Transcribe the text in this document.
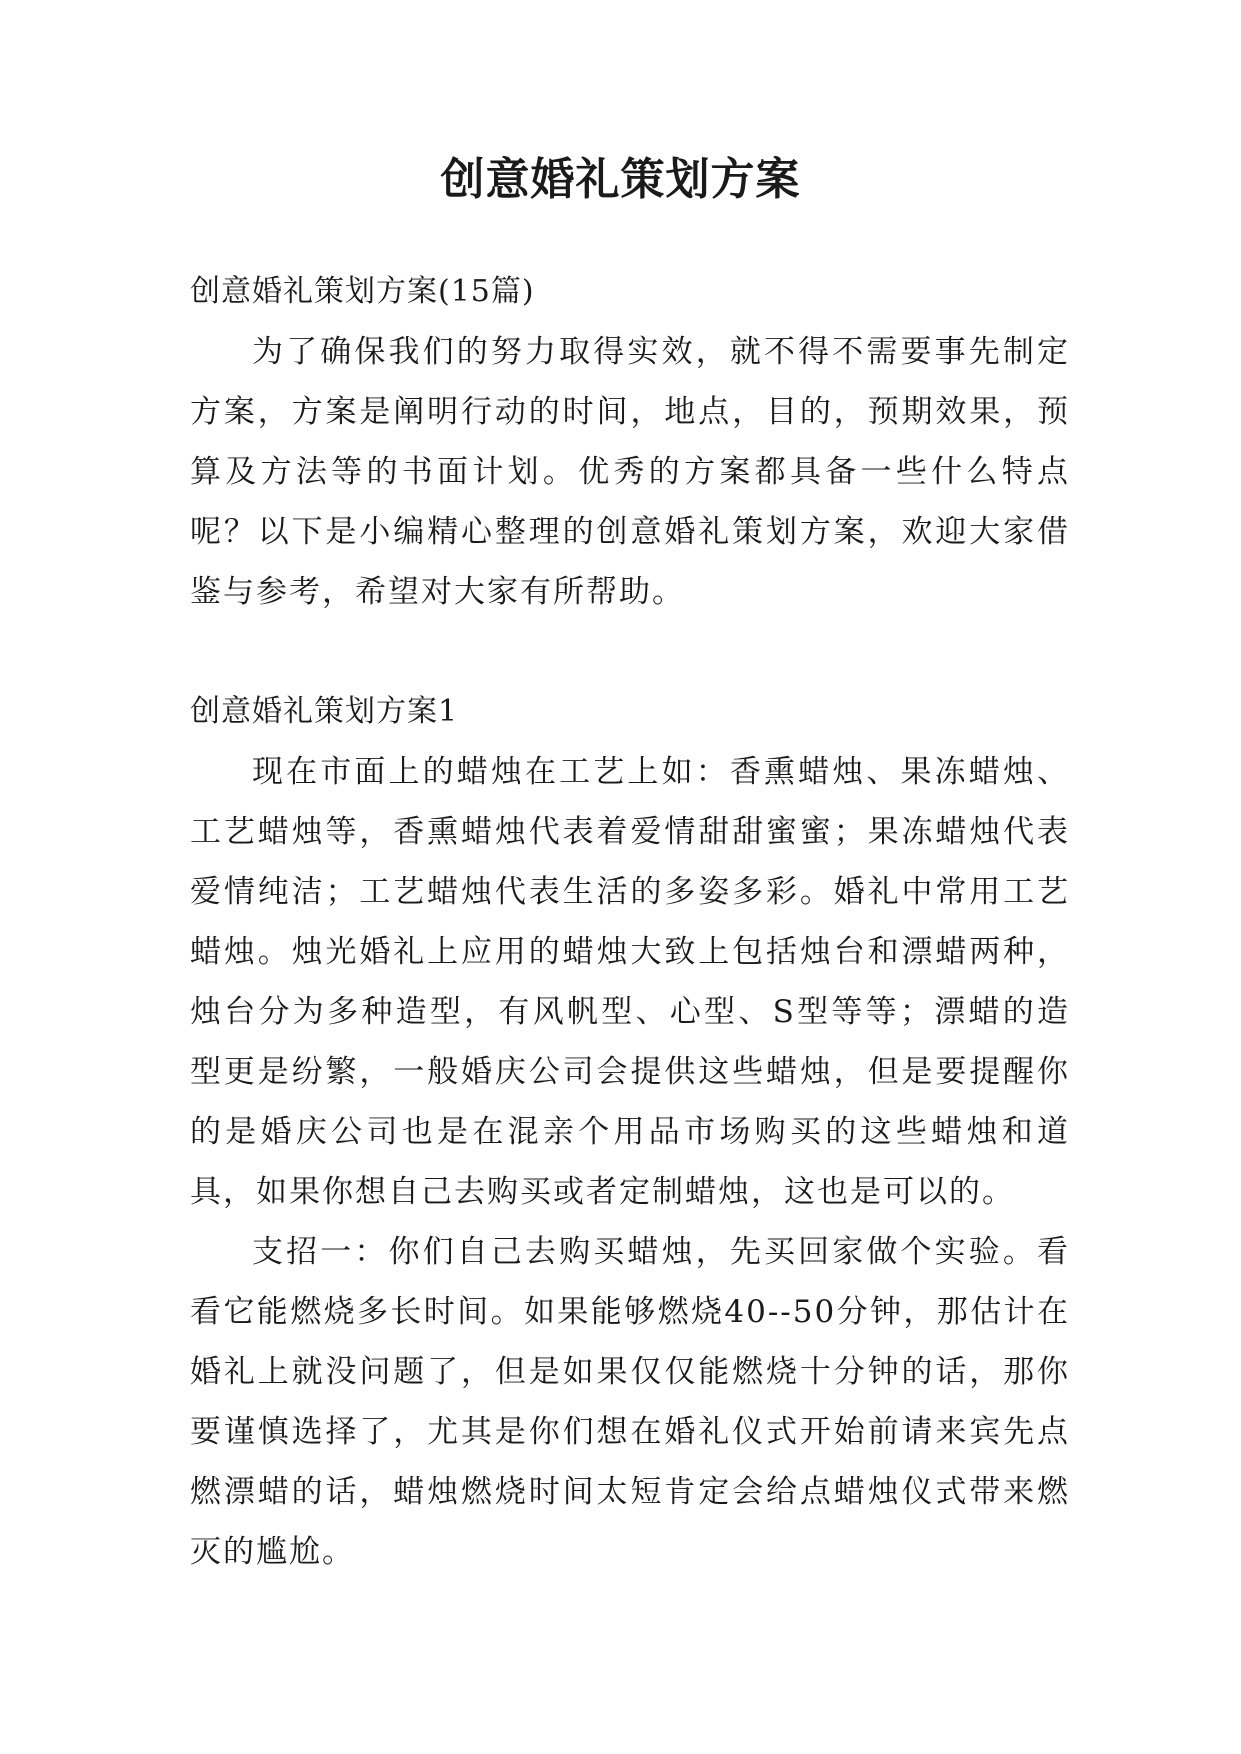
创意婚礼策划方案

创意婚礼策划方案(15篇)

为了确保我们的努力取得实效，就不得不需要事先制定方案，方案是阐明行动的时间，地点，目的，预期效果，预算及方法等的书面计划。优秀的方案都具备一些什么特点呢？以下是小编精心整理的创意婚礼策划方案，欢迎大家借鉴与参考，希望对大家有所帮助。

创意婚礼策划方案1

现在市面上的蜡烛在工艺上如：香熏蜡烛、果冻蜡烛、工艺蜡烛等，香熏蜡烛代表着爱情甜甜蜜蜜；果冻蜡烛代表爱情纯洁；工艺蜡烛代表生活的多姿多彩。婚礼中常用工艺蜡烛。烛光婚礼上应用的蜡烛大致上包括烛台和漂蜡两种，烛台分为多种造型，有风帆型、心型、S型等等；漂蜡的造型更是纷繁，一般婚庆公司会提供这些蜡烛，但是要提醒你的是婚庆公司也是在混亲个用品市场购买的这些蜡烛和道具，如果你想自己去购买或者定制蜡烛，这也是可以的。

支招一：你们自己去购买蜡烛，先买回家做个实验。看看它能燃烧多长时间。如果能够燃烧40--50分钟，那估计在婚礼上就没问题了，但是如果仅仅能燃烧十分钟的话，那你要谨慎选择了，尤其是你们想在婚礼仪式开始前请来宾先点燃漂蜡的话，蜡烛燃烧时间太短肯定会给点蜡烛仪式带来燃灭的尴尬。
